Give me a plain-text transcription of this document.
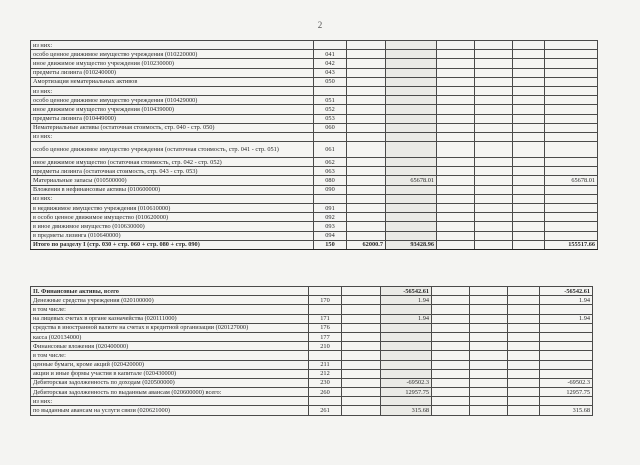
2
из них:							
особо ценное движимое имущество учреждения (010220000)	041						
иное движимое имущество учреждения (010230000)	042						
предметы лизинга (010240000)	043						
Амортизация нематериальных активов	050						
из них:							
особо ценное движимое имущество учреждения (010429000)	051						
иное движимое имущество учреждения (010439000)	052						
предметы лизинга (010449000)	053						
Нематериальные активы (остаточная стоимость, стр. 040 - стр. 050)	060						
из них:							
особо ценное движимое имущество учреждения (остаточная стоимость, стр. 041 - стр. 051)	061						
иное движимое имущество (остаточная стоимость, стр. 042 - стр. 052)	062						
предметы лизинга (остаточная стоимость, стр. 043 - стр. 053)	063						
Материальные запасы (010500000)	080		65678.01				65678.01
Вложения в нефинансовые активы (010600000)	090						
из них:							
в недвижимое имущество учреждения (010610000)	091						
в особо ценное движимое имущество (010620000)	092						
в иное движимое имущество (010630000)	093						
в предметы лизинга (010640000)	094						
Итого по разделу I (стр. 030 + стр. 060 + стр. 080 + стр. 090)	150	62000.7	93428.96				155517.66
II. Финансовые активы, всего			-56542.61				-56542.61
Денежные средства учреждения (020100000)	170		1.94				1.94
в том числе:							
на лицевых счетах в органе казначейства (020111000)	171		1.94				1.94
средства в иностранной валюте на счетах в кредитной организации (020127000)	176						
касса (020134000)	177						
Финансовые вложения (020400000)	210						
в том числе:							
ценные бумаги, кроме акций (020420000)	211						
акции и иные формы участия в капитале (020430000)	212						
Дебиторская задолженность по доходам (020500000)	230		-69502.3				-69502.3
Дебиторская задолженность по выданным авансам (020600000) всего:	260		12957.75				12957.75
из них:							
по выданным авансам на услуги связи (020621000)	261		315.68				315.68
